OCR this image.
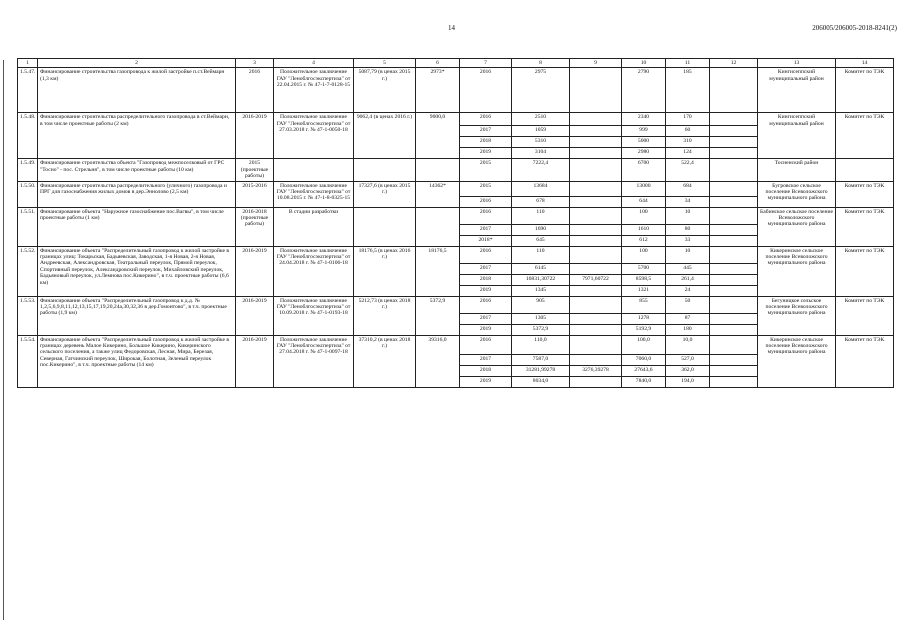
14	206005/206005-2018-8241(2)
1	2	3	4	5	6	7	8	9	10	11	12	13	14
1.5.47.	Финансирование строительства газопровода к жилой застройке п.ст.Веймарн (1,3 км)	2016	Положительное заключение ГАУ "Леноблгосэкспертиза" от 22.04.2015 г. № 47-1-7-0128-15	5087,79 (в ценах 2015 г.)	2973*	2016	2975		2790	185		Кингисеппский муниципальный район	Комитет по ТЭК
1.5.48.	Финансирование строительства распределительного газопровода в ст.Веймарн, в том числе проектные работы (2 км)	2016-2019	Положительное заключение ГАУ "Леноблгосэкспертиза" от 27.03.2018 г. № 47-1-0050-18	9062,4 (в ценах 2016 г.)	9000,0	2016	2510		2340	170		Кингисеппский муниципальный район	Комитет по ТЭК
						2017	1059		999	60			
						2018	5310		5000	310			
						2019	3104		2980	124			
1.5.49.	Финансирование строительства объекта "Газопровод межпоселковый от ГРС "Тосно" - пос. Стрельня", в том числе проектные работы (10 км)	2015 (проектные работы)				2015	7222,4		6700	522,4		Тосненский район	
1.5.50.	Финансирование строительства распределительного (уличного) газопровода и ПРГ для газоснабжения жилых домов в дер.Эннолово (2,5 км)	2015-2016	Положительное заключение ГАУ "Леноблгосэкспертиза" от 10.08.2015 г. № 47-1-8-0325-15	17327,6 (в ценах 2015 г.)	14362*	2015	13684		13000	684		Бугровское сельское поселение Всеволожского муниципального района	Комитет по ТЭК
						2016	678		644	34			
1.5.51.	Финансирование объекта "Наружное газоснабжение пос.Вагвы", в том числе проектные работы (1 км)	2016-2018 (проектные работы)	В стадии разработки			2016	110		100	10		Бабинское сельское поселение Всеволожского муниципального района	Комитет по ТЭК
						2017	1690		1610	80			
						2018*	645		612	33			
1.5.52.	Финансирование объекта "Распределительный газопровод к жилой застройке в границах улиц: Токарьская, Бадьяевская, Заводская, 1-я Новая, 2-я Новая, Андреевская, Александровская, Театральный переулок, Прямой переулок, Спортивный переулок, Александровский переулок, Михайловский переулок, Бадьяновый переулок, ул.Лемнова пос.Кикерино", в т.ч. проектные работы (6,6 км)	2016-2019	Положительное заключение ГАУ "Леноблгосэкспертиза" от 24.04.2018 г. № 47-1-0106-18	18176,5 (в ценах 2016 г.)	18176,5	2016	110		100	10		Кикеринское сельское поселение Всеволожского муниципального района	Комитет по ТЭК
						2017	6145		5700	445			
						2018	16831,30722	7971,60722	8598,5	261,4			
						2019	1345		1321	24			
1.5.53.	Финансирование объекта "Распределительный газопровод к д.д. № 1,2,5,6,9,8,11,12,13,15,17,19,20,24а,30,32,36 в дер.Гомонтово", в т.ч. проектные работы (1,9 км)	2016-2019	Положительное заключение ГАУ "Леноблгосэкспертиза" от 10.09.2018 г. № 47-1-0193-18	5212,73 (в ценах 2018 г.)	5372,9	2016	905		855	50		Бегуницкое сельское поселение Всеволожского муниципального района	Комитет по ТЭК
						2017	1305		1278	87			
						2019	5372,9		5192,9	180			
1.5.54.	Финансирование объекта "Распределительный газопровод к жилой застройке в границах деревень Малое Кикерино, Большое Кикерино, Кикеринского сельского поселения, а также улиц Федоровская, Лесная, Мира, Березая, Северная, Гатчинский переулок, Широкая, Болотная, Зеленый переулок пос.Кикерино", в т.ч. проектные работы (14 км)	2016-2019	Положительное заключение ГАУ "Леноблгосэкспертиза" от 27.04.2018 г. № 47-1-0097-18	37310,2 (в ценах 2018 г.)	39316,0	2016	110,0		100,0	10,0		Кикеринское сельское поселение Всеволожского муниципального района	Комитет по ТЭК
						2017	7587,0		7060,0	527,0			
						2018	31281,99278	3276,39278	27643,6	362,0			
						2019	8034,0		7840,0	194,0			
